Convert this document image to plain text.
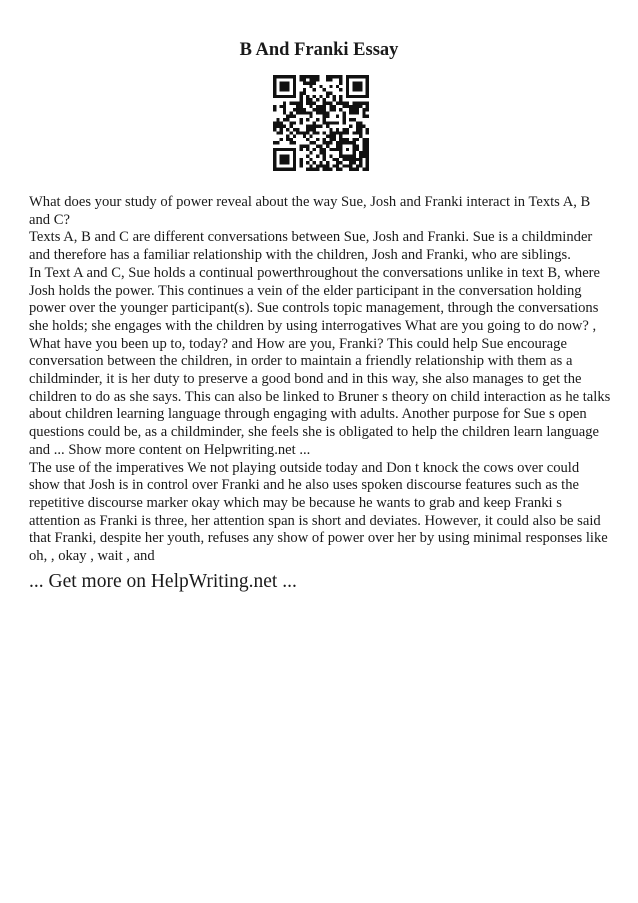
B And Franki Essay

What does your study of power reveal about the way Sue, Josh and Franki interact in Texts A, B and C?

Texts A, B and C are different conversations between Sue, Josh and Franki. Sue is a childminder and therefore has a familiar relationship with the children, Josh and Franki, who are siblings.

In Text A and C, Sue holds a continual powerthroughout the conversations unlike in text B, where Josh holds the power. This continues a vein of the elder participant in the conversation holding power over the younger participant(s). Sue controls topic management, through the conversations she holds; she engages with the children by using interrogatives What are you going to do now? , What have you been up to, today? and How are you, Franki? This could help Sue encourage conversation between the children, in order to maintain a friendly relationship with them as a childminder, it is her duty to preserve a good bond and in this way, she also manages to get the children to do as she says. This can also be linked to Bruner s theory on child interaction as he talks about children learning language through engaging with adults. Another purpose for Sue s open questions could be, as a childminder, she feels she is obligated to help the children learn language and ... Show more content on Helpwriting.net ...

The use of the imperatives We not playing outside today and Don t knock the cows over could show that Josh is in control over Franki and he also uses spoken discourse features such as the repetitive discourse marker okay which may be because he wants to grab and keep Franki s attention as Franki is three, her attention span is short and deviates. However, it could also be said that Franki, despite her youth, refuses any show of power over her by using minimal responses like oh, , okay , wait , and

... Get more on HelpWriting.net ...
